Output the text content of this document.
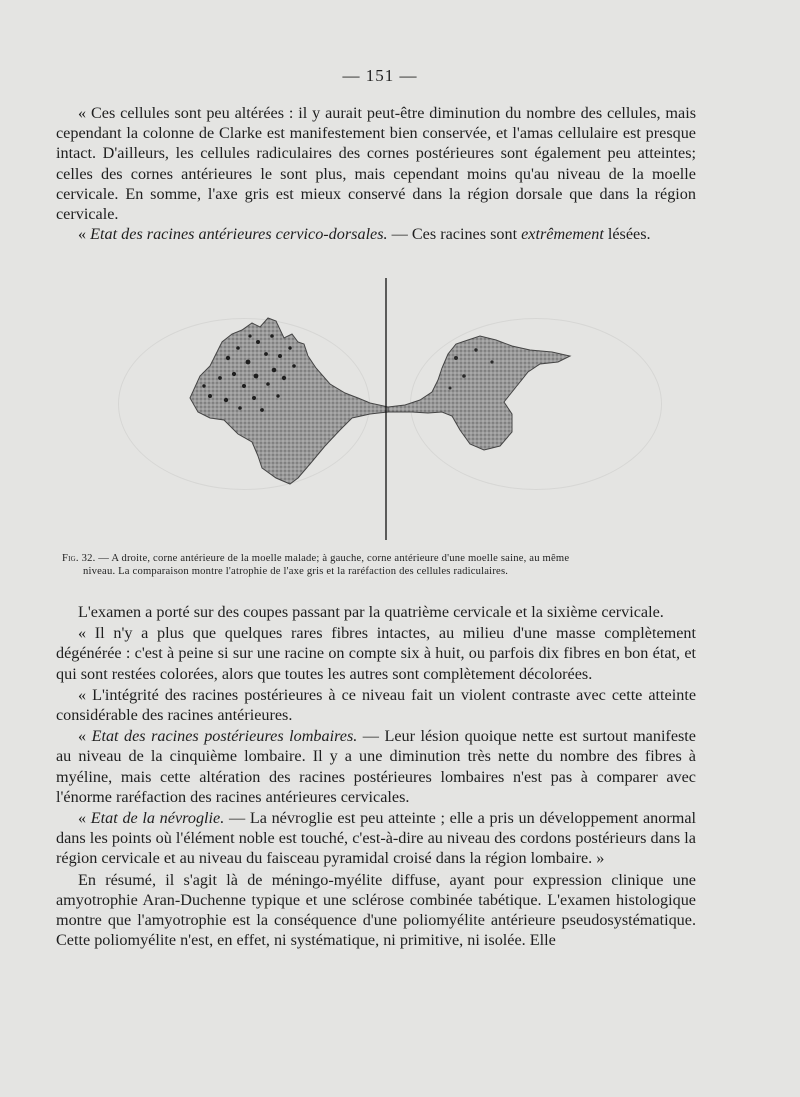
— 151 —

« Ces cellules sont peu altérées : il y aurait peut-être diminution du nombre des cellules, mais cependant la colonne de Clarke est manifestement bien conservée, et l'amas cellulaire est presque intact. D'ailleurs, les cellules radiculaires des cornes postérieures sont également peu atteintes; celles des cornes antérieures le sont plus, mais cependant moins qu'au niveau de la moelle cervicale. En somme, l'axe gris est mieux conservé dans la région dorsale que dans la région cervicale.

« Etat des racines antérieures cervico-dorsales. — Ces racines sont extrêmement lésées.

Fig. 32. — A droite, corne antérieure de la moelle malade; à gauche, corne antérieure d'une moelle saine, au même
niveau. La comparaison montre l'atrophie de l'axe gris et la raréfaction des cellules radiculaires.

L'examen a porté sur des coupes passant par la quatrième cervicale et la sixième cervicale.

« Il n'y a plus que quelques rares fibres intactes, au milieu d'une masse complètement dégénérée : c'est à peine si sur une racine on compte six à huit, ou parfois dix fibres en bon état, et qui sont restées colorées, alors que toutes les autres sont complètement décolorées.

« L'intégrité des racines postérieures à ce niveau fait un violent contraste avec cette atteinte considérable des racines antérieures.

« Etat des racines postérieures lombaires. — Leur lésion quoique nette est surtout manifeste au niveau de la cinquième lombaire. Il y a une diminution très nette du nombre des fibres à myéline, mais cette altération des racines postérieures lombaires n'est pas à comparer avec l'énorme raréfaction des racines antérieures cervicales.

« Etat de la névroglie. — La névroglie est peu atteinte ; elle a pris un développement anormal dans les points où l'élément noble est touché, c'est-à-dire au niveau des cordons postérieurs dans la région cervicale et au niveau du faisceau pyramidal croisé dans la région lombaire. »

En résumé, il s'agit là de méningo-myélite diffuse, ayant pour expression clinique une amyotrophie Aran-Duchenne typique et une sclérose combinée tabétique. L'examen histologique montre que l'amyotrophie est la conséquence d'une poliomyélite antérieure pseudosystématique. Cette poliomyélite n'est, en effet, ni systématique, ni primitive, ni isolée. Elle
